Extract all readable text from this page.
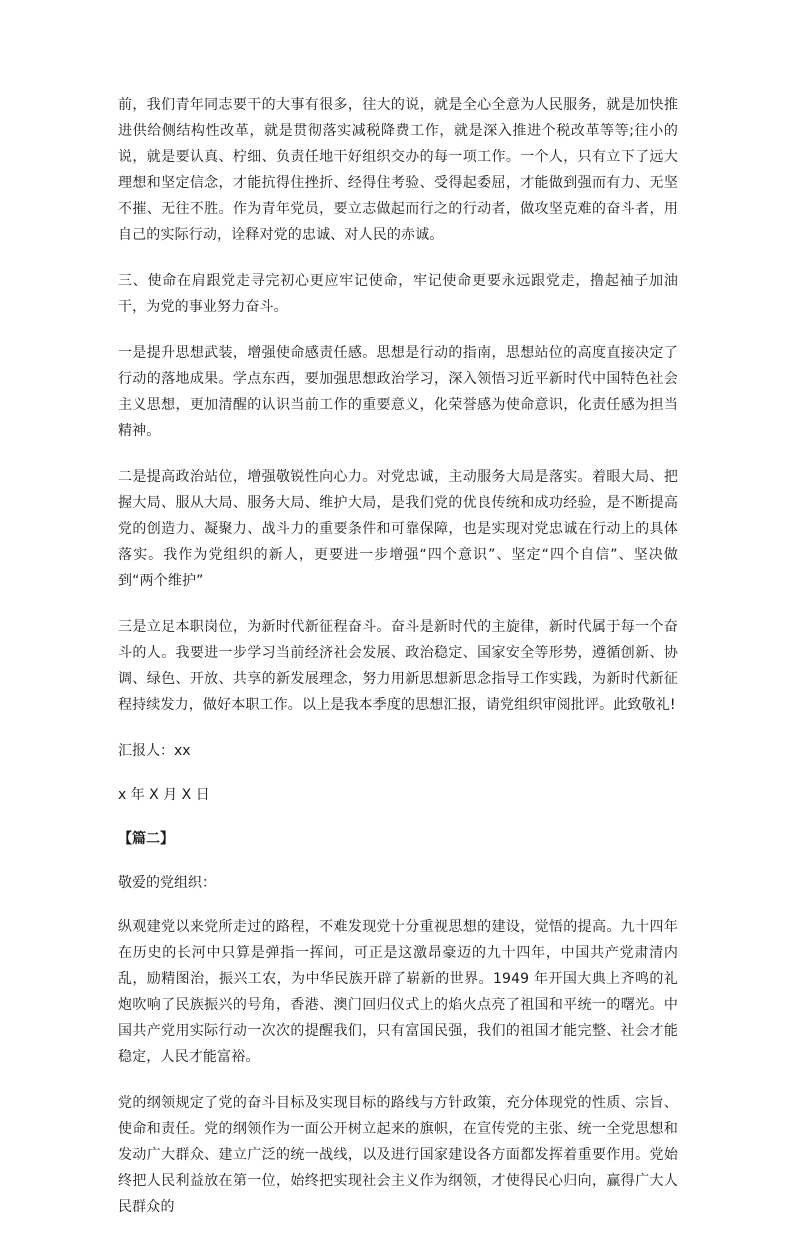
前，我们青年同志要干的大事有很多，往大的说，就是全心全意为人民服务，就是加快推进供给侧结构性改革，就是贯彻落实减税降费工作，就是深入推进个税改革等等;往小的说，就是要认真、柠细、负责任地干好组织交办的每一项工作。一个人，只有立下了远大理想和坚定信念，才能抗得住挫折、经得住考验、受得起委屈，才能做到强而有力、无坚不摧、无往不胜。作为青年党员，要立志做起而行之的行动者，做攻坚克难的奋斗者，用自己的实际行动，诠释对党的忠诚、对人民的赤诚。

三、使命在肩跟党走寻完初心更应牢记使命，牢记使命更要永远跟党走，撸起袖子加油干，为党的事业努力奋斗。

一是提升思想武装，增强使命感责任感。思想是行动的指南，思想站位的高度直接决定了行动的落地成果。学点东西，要加强思想政治学习，深入领悟习近平新时代中国特色社会主义思想，更加清醒的认识当前工作的重要意义，化荣誉感为使命意识，化责任感为担当精神。

二是提高政治站位，增强敬锐性向心力。对党忠诚，主动服务大局是落实。着眼大局、把握大局、服从大局、服务大局、维护大局，是我们党的优良传统和成功经验，是不断提高党的创造力、凝聚力、战斗力的重要条件和可靠保障，也是实现对党忠诚在行动上的具体落实。我作为党组织的新人，更要进一步增强“四个意识”、坚定“四个自信”、坚决做到“两个维护”

三是立足本职岗位，为新时代新征程奋斗。奋斗是新时代的主旋律，新时代属于每一个奋斗的人。我要进一步学习当前经济社会发展、政治稳定、国家安全等形势，遵循创新、协调、绿色、开放、共享的新发展理念，努力用新思想新思念指导工作实践，为新时代新征程持续发力，做好本职工作。以上是我本季度的思想汇报，请党组织审阅批评。此致敬礼!

汇报人：xx

x 年 X 月 X 日

【篇二】

敬爱的党组织：

纵观建党以来党所走过的路程，不难发现党十分重视思想的建设，觉悟的提高。九十四年在历史的长河中只算是弹指一挥间，可正是这激昂豪迈的九十四年，中国共产党肃清内乱，励精图治，振兴工农，为中华民族开辟了崭新的世界。1949 年开国大典上齐鸣的礼炮吹响了民族振兴的号角，香港、澳门回归仪式上的焰火点亮了祖国和平统一的曙光。中国共产党用实际行动一次次的提醒我们，只有富国民强，我们的祖国才能完整、社会才能稳定，人民才能富裕。

党的纲领规定了党的奋斗目标及实现目标的路线与方针政策，充分体现党的性质、宗旨、使命和责任。党的纲领作为一面公开树立起来的旗帜，在宣传党的主张、统一全党思想和发动广大群众、建立广泛的统一战线，以及进行国家建设各方面都发挥着重要作用。党始终把人民利益放在第一位，始终把实现社会主义作为纲领，才使得民心归向，赢得广大人民群众的
